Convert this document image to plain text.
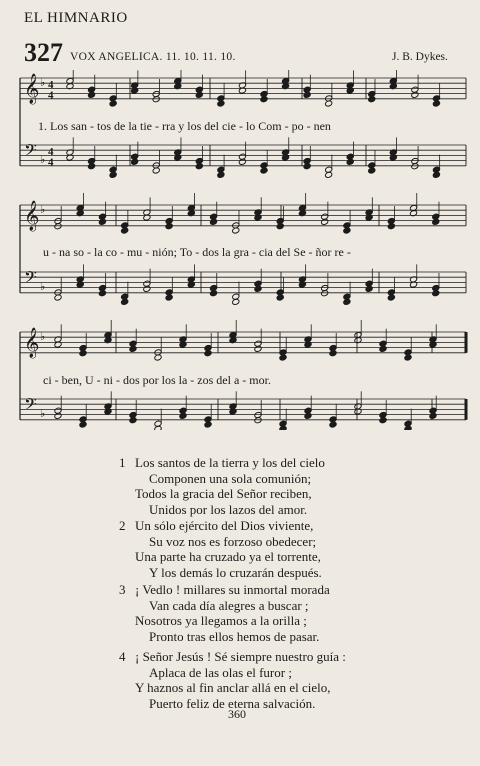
EL HIMNARIO
327 VOX ANGELICA. 11. 10. 11. 10.	J. B. Dykes.
𝄞
𝄢
♭
♭
4
4
4
4
𝄞
𝄢
♭
♭
𝄞
𝄢
♭
♭
1. Los san - tos de la tie - rra y los del cie - lo Com - po - nen
u - na so - la co - mu - nión; To - dos la gra - cia del Se - ñor re -
ci - ben, U - ni - dos por los la - zos del a - mor.
1 Los santos de la tierra y los del cielo
Componen una sola comunión;
Todos la gracia del Señor reciben,
Unidos por los lazos del amor.
2 Un sólo ejército del Dios viviente,
Su voz nos es forzoso obedecer;
Una parte ha cruzado ya el torrente,
Y los demás lo cruzarán después.
3 ¡ Vedlo ! millares su inmortal morada
Van cada día alegres a buscar ;
Nosotros ya llegamos a la orilla ;
Pronto tras ellos hemos de pasar.
4 ¡ Señor Jesús ! Sé siempre nuestro guía :
Aplaca de las olas el furor ;
Y haznos al fin anclar allá en el cielo,
Puerto feliz de eterna salvación.
360
